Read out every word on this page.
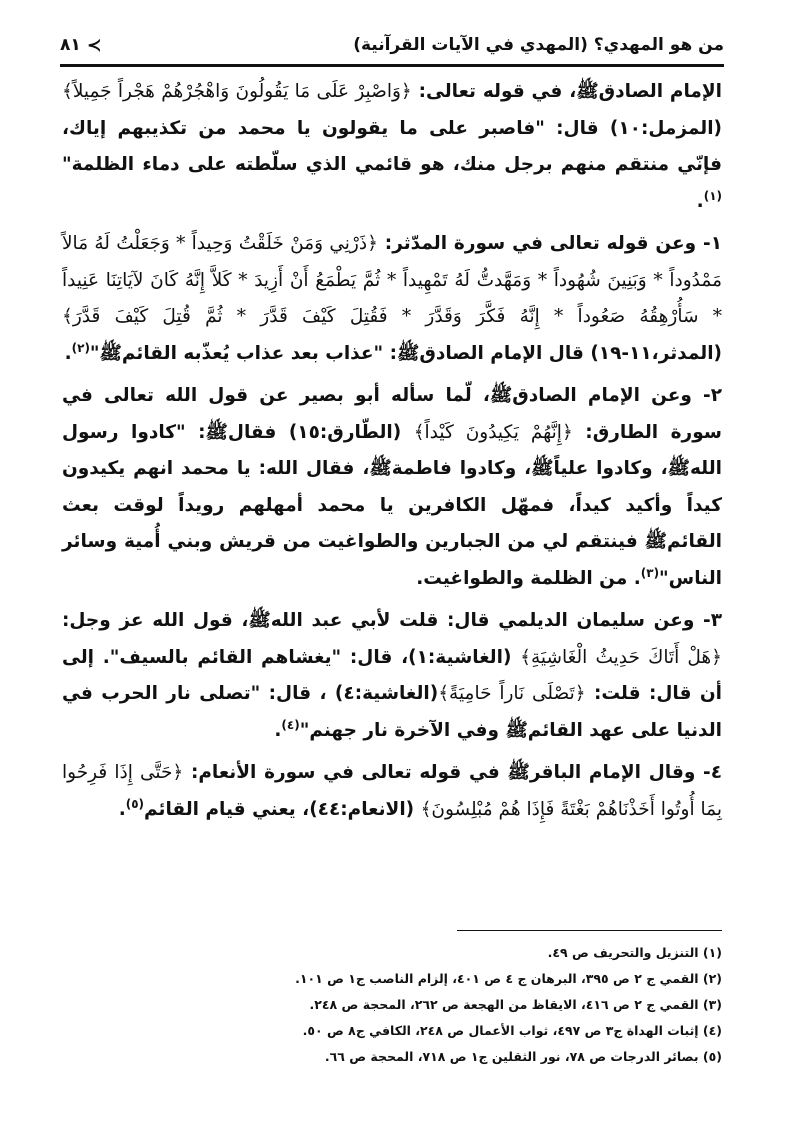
من هو المهدي؟ (المهدي في الآيات القرآنية)
٨١ ≺

الإمام الصادقﷺ، في قوله تعالى: ﴿وَاصْبِرْ عَلَى مَا يَقُولُونَ وَاهْجُرْهُمْ هَجْراً جَمِيلاً﴾ (المزمل:١٠) قال: "فاصبر على ما يقولون يا محمد من تكذيبهم إياك، فإنّي منتقم منهم برجل منك، هو قائمي الذي سلّطته على دماء الظلمة"$^{(١)}$.

١- وعن قوله تعالى في سورة المدّثر: ﴿ذَرْنِي وَمَنْ خَلَقْتُ وَحِيداً * وَجَعَلْتُ لَهُ مَالاً مَمْدُوداً * وَبَنِينَ شُهُوداً * وَمَهَّدتُّ لَهُ تَمْهِيداً * ثُمَّ يَطْمَعُ أَنْ أَزِيدَ * كَلاَّ إِنَّهُ كَانَ لآيَاتِنَا عَنِيداً * سَأُرْهِقُهُ صَعُوداً * إِنَّهُ فَكَّرَ وَقَدَّرَ * فَقُتِلَ كَيْفَ قَدَّرَ * ثُمَّ قُتِلَ كَيْفَ قَدَّرَ﴾(المدثر،١١-١٩) قال الإمام الصادقﷺ: "عذاب بعد عذاب يُعذّبه القائمﷺ"$^{(٢)}$.

٢- وعن الإمام الصادقﷺ، لّما سأله أبو بصير عن قول الله تعالى في سورة الطارق: ﴿إِنَّهُمْ يَكِيدُونَ كَيْداً﴾ (الطّارق:١٥) فقالﷺ: "كادوا رسول اللهﷺ، وكادوا علياًﷺ، وكادوا فاطمةﷺ، فقال الله: يا محمد انهم يكيدون كيداً وأكيد كيداً، فمهّل الكافرين يا محمد أمهلهم رويداً لوقت بعث القائمﷺ فينتقم لي من الجبارين والطواغيت من قريش وبني أُمية وسائر الناس"$^{(٣)}$. من الظلمة والطواغيت.

٣- وعن سليمان الديلمي قال: قلت لأبي عبد اللهﷺ، قول الله عز وجل: ﴿هَلْ أَتَاكَ حَدِيثُ الْغَاشِيَةِ﴾ (الغاشية:١)، قال: "يغشاهم القائم بالسيف". إلى أن قال: قلت: ﴿تَصْلَى نَاراً حَامِيَةً﴾(الغاشية:٤) ، قال: "تصلى نار الحرب في الدنيا على عهد القائمﷺ وفي الآخرة نار جهنم"$^{(٤)}$.

٤- وقال الإمام الباقرﷺ في قوله تعالى في سورة الأنعام: ﴿حَتَّى إِذَا فَرِحُوا بِمَا أُوتُوا أَخَذْنَاهُمْ بَغْتَةً فَإِذَا هُمْ مُبْلِسُونَ﴾ (الانعام:٤٤)، يعني قيام القائم$^{(٥)}$.

(١) التنزيل والتحريف ص ٤٩.
(٢) القمي ج ٢ ص ٣٩٥، البرهان ج ٤ ص ٤٠١، إلزام الناصب ج١ ص ١٠١.
(٣) القمي ج ٢ ص ٤١٦، الايقاظ من الهجعة ص ٢٦٢، المحجة ص ٢٤٨.
(٤) إثبات الهداة ج٣ ص ٤٩٧، ثواب الأعمال ص ٢٤٨، الكافي ج٨ ص ٥٠.
(٥) بصائر الدرجات ص ٧٨، نور الثقلين ج١ ص ٧١٨، المحجة ص ٦٦.
